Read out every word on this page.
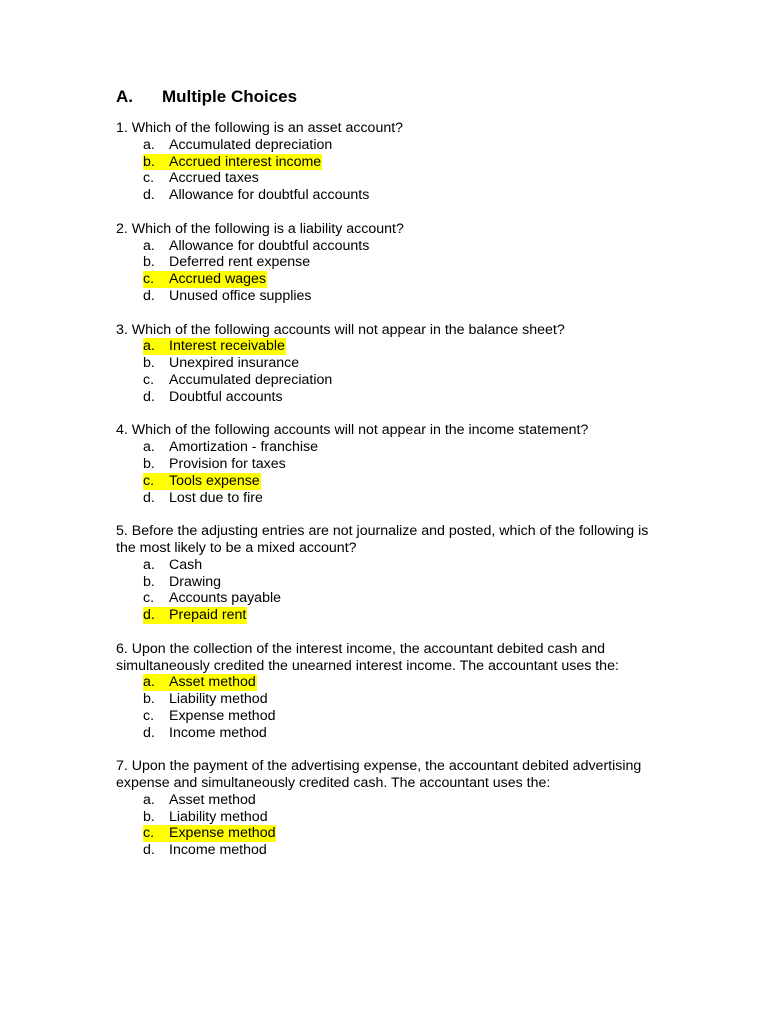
A.	Multiple Choices

1. Which of the following is an asset account?

a. Accumulated depreciation
b. Accrued interest income
c.	Accrued taxes
d. Allowance for doubtful accounts

2. Which of the following is a liability account?

a. Allowance for doubtful accounts
b. Deferred rent expense
c.	Accrued wages
d. Unused office supplies

3. Which of the following accounts will not appear in the balance sheet?

a. Interest receivable
b. Unexpired insurance
c.	Accumulated depreciation
d. Doubtful accounts

4. Which of the following accounts will not appear in the income statement?

a. Amortization - franchise
b. Provision for taxes
c.	Tools expense
d. Lost due to fire

5. Before the adjusting entries are not journalize and posted, which of the following is the most likely to be a mixed account?

a. Cash
b. Drawing
c.	Accounts payable
d. Prepaid rent

6. Upon the collection of the interest income, the accountant debited cash and simultaneously credited the unearned interest income. The accountant uses the:

a. Asset method
b. Liability method
c.	Expense method
d. Income method

7. Upon the payment of the advertising expense, the accountant debited advertising expense and simultaneously credited cash. The accountant uses the:

a. Asset method
b. Liability method
c.	Expense method
d. Income method
